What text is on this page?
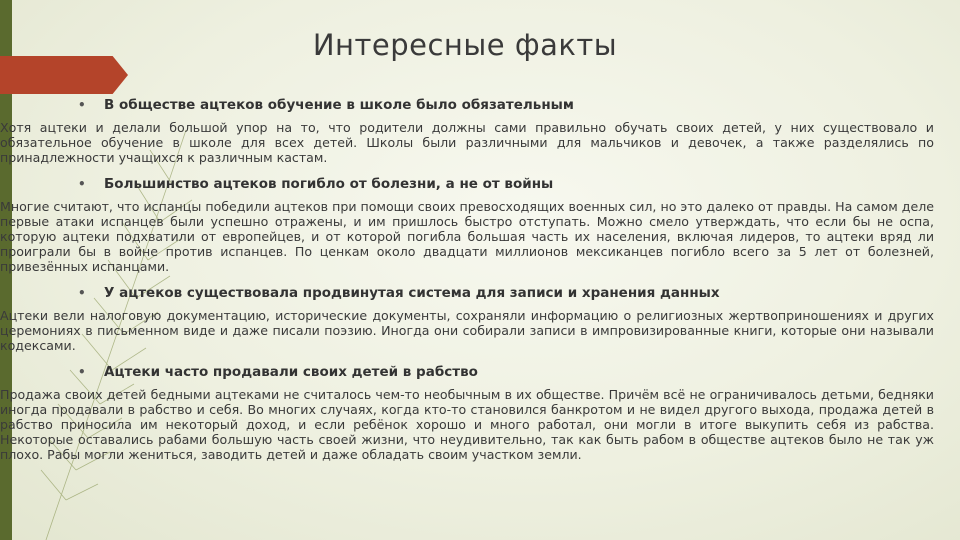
Интересные факты
• В обществе ацтеков обучение в школе было обязательным

Хотя ацтеки и делали большой упор на то, что родители должны сами правильно обучать своих детей, у них существовало и обязательное обучение в школе для всех детей. Школы были различными для мальчиков и девочек, а также разделялись по принадлежности учащихся к различным кастам.

• Большинство ацтеков погибло от болезни, а не от войны

Многие считают, что испанцы победили ацтеков при помощи своих превосходящих военных сил, но это далеко от правды. На самом деле первые атаки испанцев были успешно отражены, и им пришлось быстро отступать. Можно смело утверждать, что если бы не оспа, которую ацтеки подхватили от европейцев, и от которой погибла большая часть их населения, включая лидеров, то ацтеки вряд ли проиграли бы в войне против испанцев. По ценкам около двадцати миллионов мексиканцев погибло всего за 5 лет от болезней, привезённых испанцами.

• У ацтеков существовала продвинутая система для записи и хранения данных

Ацтеки вели налоговую документацию, исторические документы, сохраняли информацию о религиозных жертвоприношениях и других церемониях в письменном виде и даже писали поэзию. Иногда они собирали записи в импровизированные книги, которые они называли кодексами.

• Ацтеки часто продавали своих детей в рабство

Продажа своих детей бедными ацтеками не считалось чем-то необычным в их обществе. Причём всё не ограничивалось детьми, бедняки иногда продавали в рабство и себя. Во многих случаях, когда кто-то становился банкротом и не видел другого выхода, продажа детей в рабство приносила им некоторый доход, и если ребёнок хорошо и много работал, они могли в итоге выкупить себя из рабства. Некоторые оставались рабами большую часть своей жизни, что неудивительно, так как быть рабом в обществе ацтеков было не так уж плохо. Рабы могли жениться, заводить детей и даже обладать своим участком земли.
